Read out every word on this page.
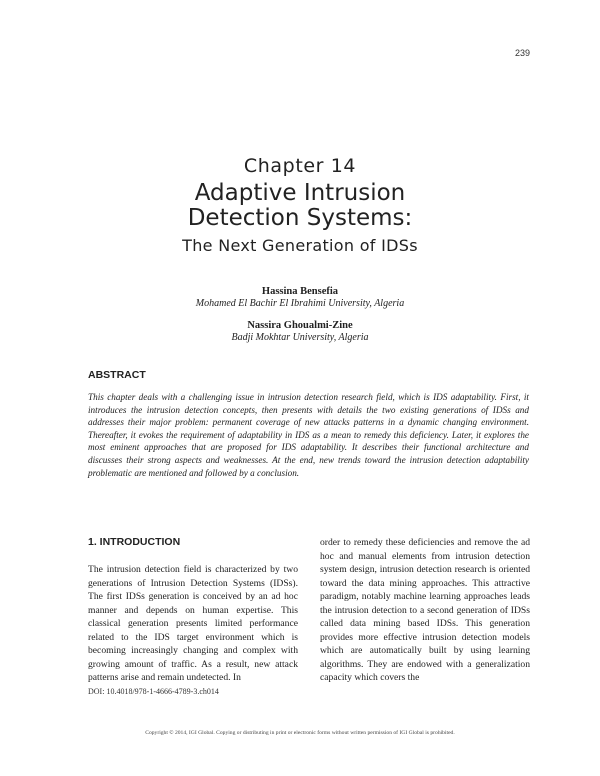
239
Chapter 14
Adaptive Intrusion
Detection Systems:
The Next Generation of IDSs
Hassina Bensefia
Mohamed El Bachir El Ibrahimi University, Algeria
Nassira Ghoualmi-Zine
Badji Mokhtar University, Algeria
ABSTRACT

This chapter deals with a challenging issue in intrusion detection research field, which is IDS adaptability. First, it introduces the intrusion detection concepts, then presents with details the two existing generations of IDSs and addresses their major problem: permanent coverage of new attacks patterns in a dynamic changing environment. Thereafter, it evokes the requirement of adaptability in IDS as a mean to remedy this deficiency. Later, it explores the most eminent approaches that are proposed for IDS adaptability. It describes their functional architecture and discusses their strong aspects and weaknesses. At the end, new trends toward the intrusion detection adaptability problematic are mentioned and followed by a conclusion.

1. INTRODUCTION

The intrusion detection field is characterized by two generations of Intrusion Detection Systems (IDSs). The first IDSs generation is conceived by an ad hoc manner and depends on human expertise. This classical generation presents limited performance related to the IDS target environment which is becoming increasingly changing and complex with growing amount of traffic. As a result, new attack patterns arise and remain undetected. In

order to remedy these deficiencies and remove the ad hoc and manual elements from intrusion detection system design, intrusion detection research is oriented toward the data mining approaches. This attractive paradigm, notably machine learning approaches leads the intrusion detection to a second generation of IDSs called data mining based IDSs. This generation provides more effective intrusion detection models which are automatically built by using learning algorithms. They are endowed with a generalization capacity which covers the

DOI: 10.4018/978-1-4666-4789-3.ch014
Copyright © 2014, IGI Global. Copying or distributing in print or electronic forms without written permission of IGI Global is prohibited.
